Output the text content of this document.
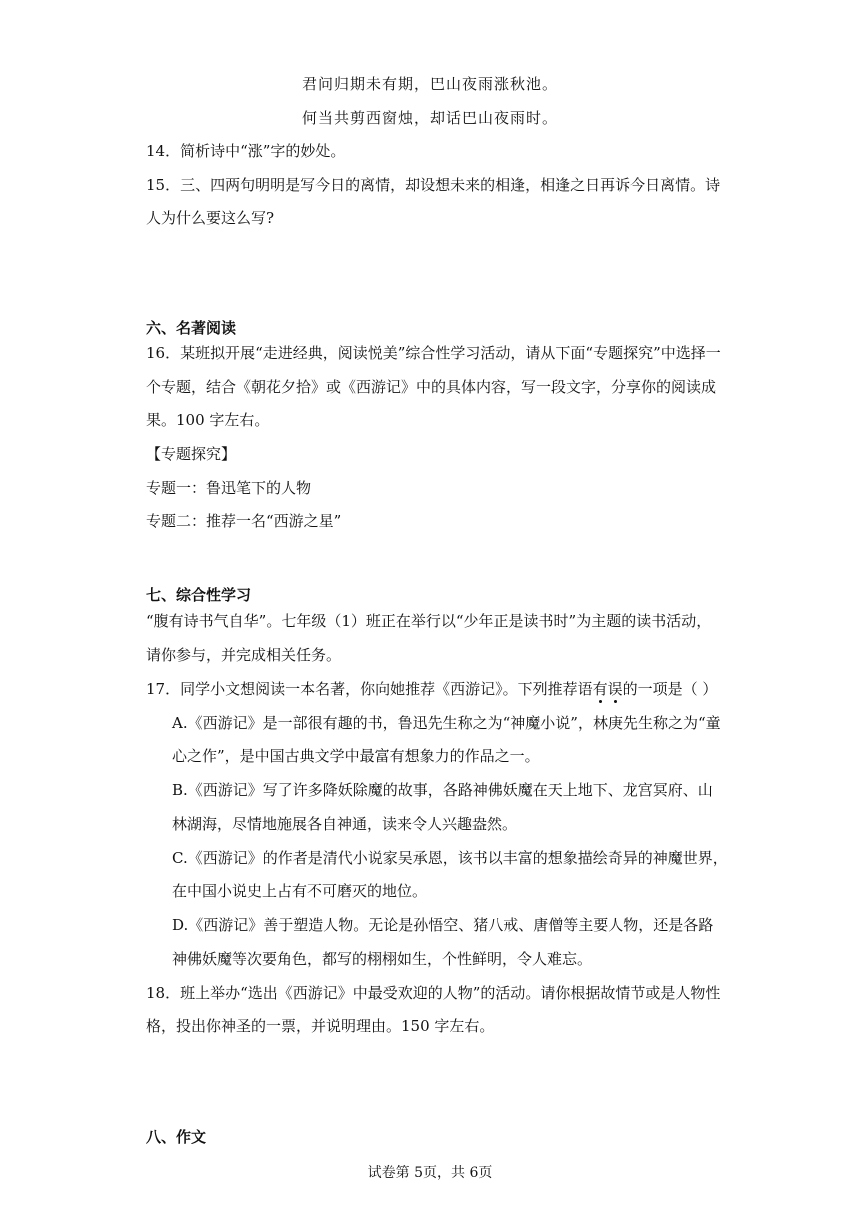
君问归期未有期，巴山夜雨涨秋池。
何当共剪西窗烛，却话巴山夜雨时。
14．简析诗中“涨”字的妙处。
15．三、四两句明明是写今日的离情，却设想未来的相逢，相逢之日再诉今日离情。诗
人为什么要这么写?
六、名著阅读
16．某班拟开展“走进经典，阅读悦美”综合性学习活动，请从下面“专题探究”中选择一
个专题，结合《朝花夕拾》或《西游记》中的具体内容，写一段文字，分享你的阅读成
果。100 字左右。
【专题探究】
专题一：鲁迅笔下的人物
专题二：推荐一名“西游之星”
七、综合性学习
“腹有诗书气自华”。七年级（1）班正在举行以“少年正是读书时”为主题的读书活动，
请你参与，并完成相关任务。
17．同学小文想阅读一本名著，你向她推荐《西游记》。下列推荐语有误的一项是（ ）
A.《西游记》是一部很有趣的书，鲁迅先生称之为“神魔小说”，林庚先生称之为“童
心之作”，是中国古典文学中最富有想象力的作品之一。
B.《西游记》写了许多降妖除魔的故事，各路神佛妖魔在天上地下、龙宫冥府、山
林湖海，尽情地施展各自神通，读来令人兴趣盎然。
C.《西游记》的作者是清代小说家吴承恩，该书以丰富的想象描绘奇异的神魔世界，
在中国小说史上占有不可磨灭的地位。
D.《西游记》善于塑造人物。无论是孙悟空、猪八戒、唐僧等主要人物，还是各路
神佛妖魔等次要角色，都写的栩栩如生，个性鲜明，令人难忘。
18．班上举办“选出《西游记》中最受欢迎的人物”的活动。请你根据故情节或是人物性
格，投出你神圣的一票，并说明理由。150 字左右。
八、作文
试卷第 5页，共 6页
